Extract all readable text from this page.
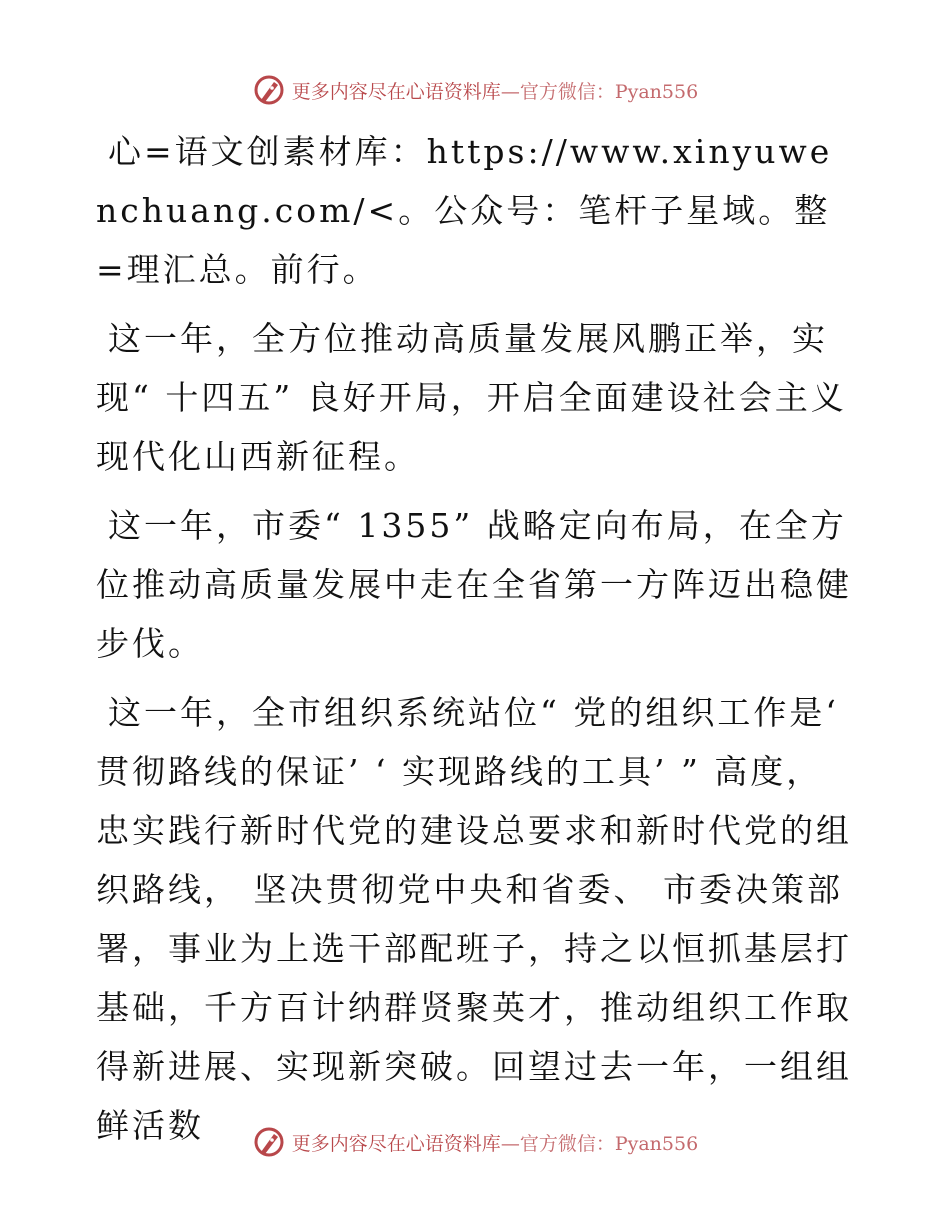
更多内容尽在心语资料库—官方微信：Pyan556

心=语文创素材库：https://www.xinyuwenchuang.com/<。公众号：笔杆子星域。整=理汇总。前行。

这一年，全方位推动高质量发展风鹏正举，实现“ 十四五” 良好开局，开启全面建设社会主义现代化山西新征程。

这一年，市委“ 1355” 战略定向布局，在全方位推动高质量发展中走在全省第一方阵迈出稳健步伐。

这一年，全市组织系统站位“ 党的组织工作是‘ 贯彻路线的保证’ ‘ 实现路线的工具’ ” 高度，忠实践行新时代党的建设总要求和新时代党的组织路线， 坚决贯彻党中央和省委、 市委决策部署，事业为上选干部配班子，持之以恒抓基层打基础，千方百计纳群贤聚英才，推动组织工作取得新进展、实现新突破。回望过去一年，一组组鲜活数	更多内容尽在心语资料库—官方微信：Pyan556
